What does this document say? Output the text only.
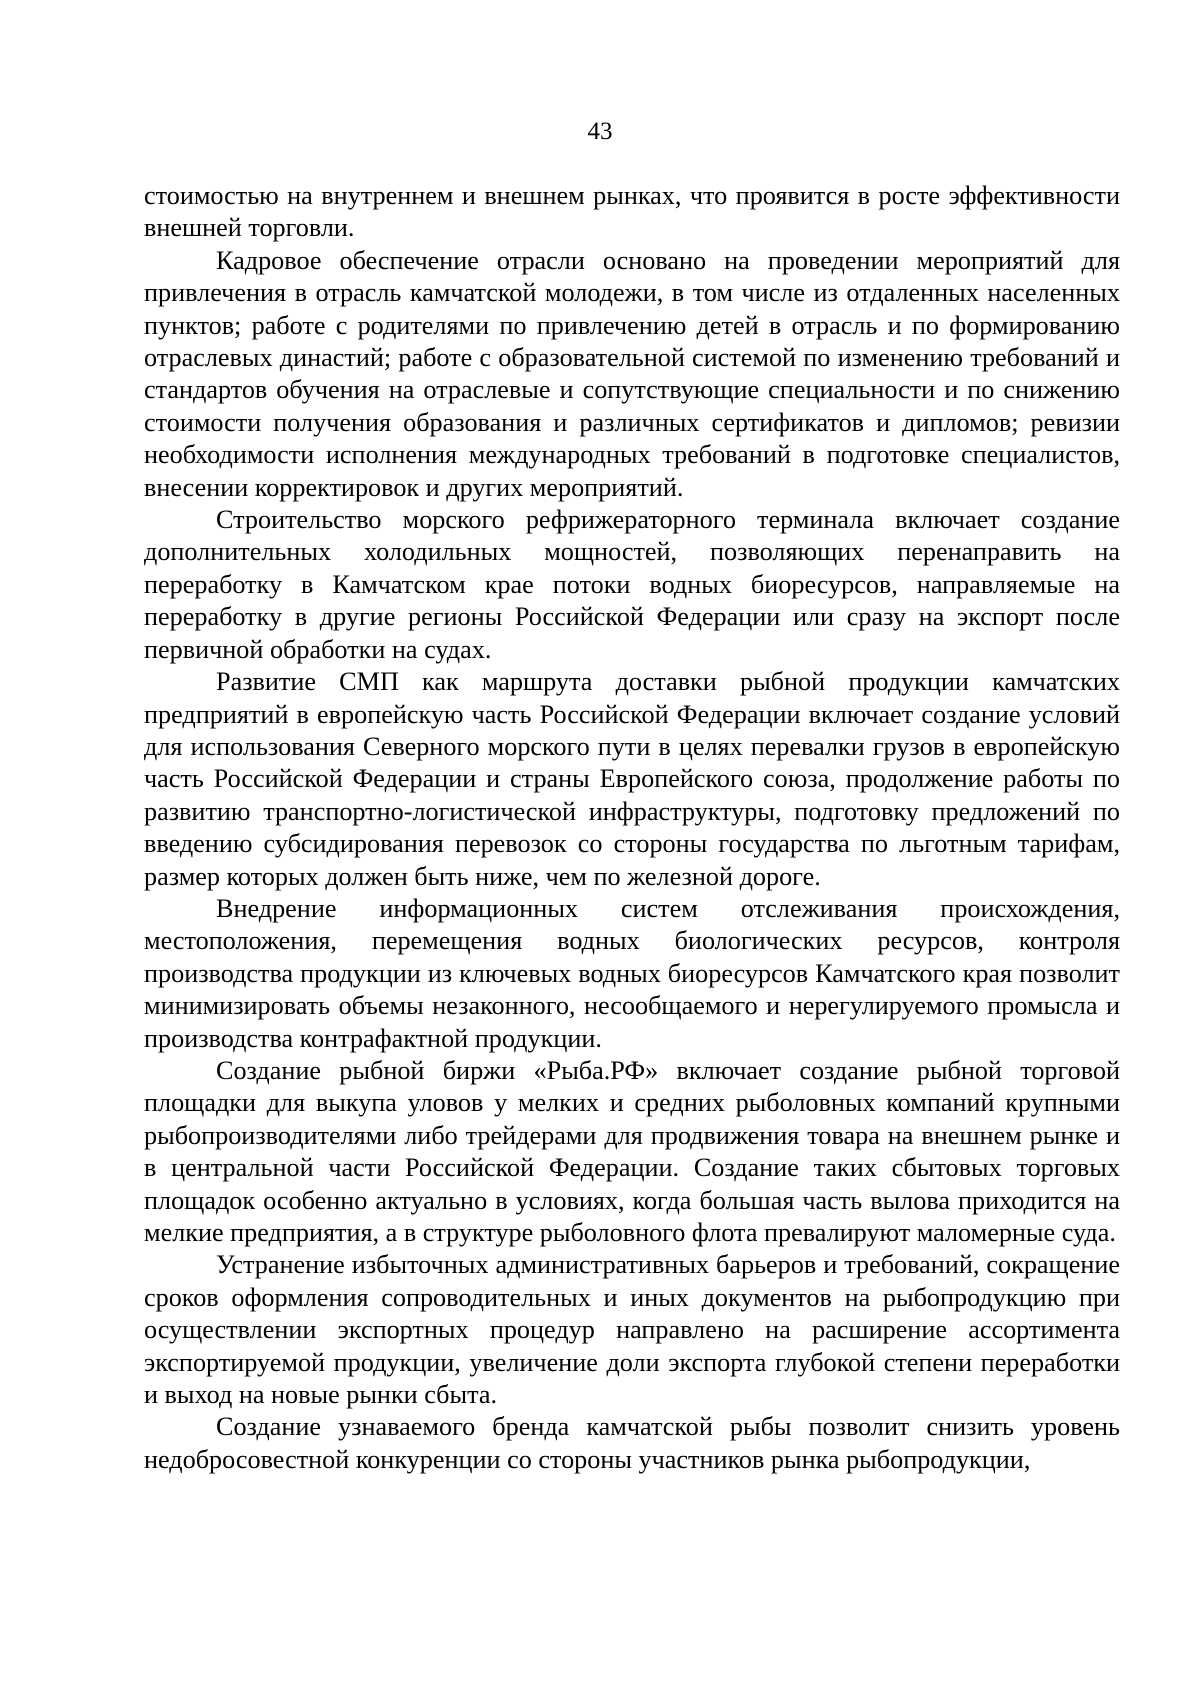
43

стоимостью на внутреннем и внешнем рынках, что проявится в росте эффективности внешней торговли.

Кадровое обеспечение отрасли основано на проведении мероприятий для привлечения в отрасль камчатской молодежи, в том числе из отдаленных населенных пунктов; работе с родителями по привлечению детей в отрасль и по формированию отраслевых династий; работе с образовательной системой по изменению требований и стандартов обучения на отраслевые и сопутствующие специальности и по снижению стоимости получения образования и различных сертификатов и дипломов; ревизии необходимости исполнения международных требований в подготовке специалистов, внесении корректировок и других мероприятий.

Строительство морского рефрижераторного терминала включает создание дополнительных холодильных мощностей, позволяющих перенаправить на переработку в Камчатском крае потоки водных биоресурсов, направляемые на переработку в другие регионы Российской Федерации или сразу на экспорт после первичной обработки на судах.

Развитие СМП как маршрута доставки рыбной продукции камчатских предприятий в европейскую часть Российской Федерации включает создание условий для использования Северного морского пути в целях перевалки грузов в европейскую часть Российской Федерации и страны Европейского союза, продолжение работы по развитию транспортно-логистической инфраструктуры, подготовку предложений по введению субсидирования перевозок со стороны государства по льготным тарифам, размер которых должен быть ниже, чем по железной дороге.

Внедрение информационных систем отслеживания происхождения, местоположения, перемещения водных биологических ресурсов, контроля производства продукции из ключевых водных биоресурсов Камчатского края позволит минимизировать объемы незаконного, несообщаемого и нерегулируемого промысла и производства контрафактной продукции.

Создание рыбной биржи «Рыба.РФ» включает создание рыбной торговой площадки для выкупа уловов у мелких и средних рыболовных компаний крупными рыбопроизводителями либо трейдерами для продвижения товара на внешнем рынке и в центральной части Российской Федерации. Создание таких сбытовых торговых площадок особенно актуально в условиях, когда большая часть вылова приходится на мелкие предприятия, а в структуре рыболовного флота превалируют маломерные суда.

Устранение избыточных административных барьеров и требований, сокращение сроков оформления сопроводительных и иных документов на рыбопродукцию при осуществлении экспортных процедур направлено на расширение ассортимента экспортируемой продукции, увеличение доли экспорта глубокой степени переработки и выход на новые рынки сбыта.

Создание узнаваемого бренда камчатской рыбы позволит снизить уровень недобросовестной конкуренции со стороны участников рынка рыбопродукции,
